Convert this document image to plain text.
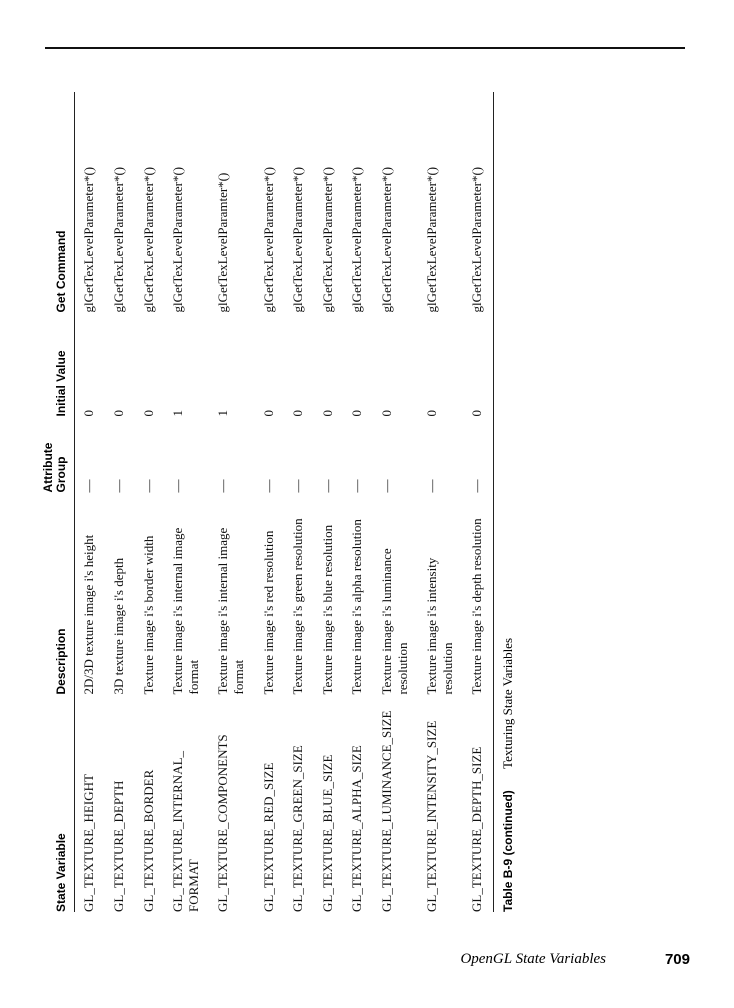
State Variable	Description	Attribute Group	Initial Value	Get Command
GL_TEXTURE_HEIGHT	2D/3D texture image i's height	—	0	glGetTexLevelParameter*()
GL_TEXTURE_DEPTH	3D texture image i's depth	—	0	glGetTexLevelParameter*()
GL_TEXTURE_BORDER	Texture image i's border width	—	0	glGetTexLevelParameter*()
GL_TEXTURE_INTERNAL_ FORMAT	Texture image i's internal image format	—	1	glGetTexLevelParameter*()
GL_TEXTURE_COMPONENTS	Texture image i's internal image format	—	1	glGetTexLevelParamter*()
GL_TEXTURE_RED_SIZE	Texture image i's red resolution	—	0	glGetTexLevelParameter*()
GL_TEXTURE_GREEN_SIZE	Texture image i's green resolution	—	0	glGetTexLevelParameter*()
GL_TEXTURE_BLUE_SIZE	Texture image i's blue resolution	—	0	glGetTexLevelParameter*()
GL_TEXTURE_ALPHA_SIZE	Texture image i's alpha resolution	—	0	glGetTexLevelParameter*()
GL_TEXTURE_LUMINANCE_SIZE	Texture image i's luminance resolution	—	0	glGetTexLevelParameter*()
GL_TEXTURE_INTENSITY_SIZE	Texture image i's intensity resolution	—	0	glGetTexLevelParameter*()
GL_TEXTURE_DEPTH_SIZE	Texture image i's depth resolution	—	0	glGetTexLevelParameter*()
Table B-9 (continued) Texturing State Variables
OpenGL State Variables	709
